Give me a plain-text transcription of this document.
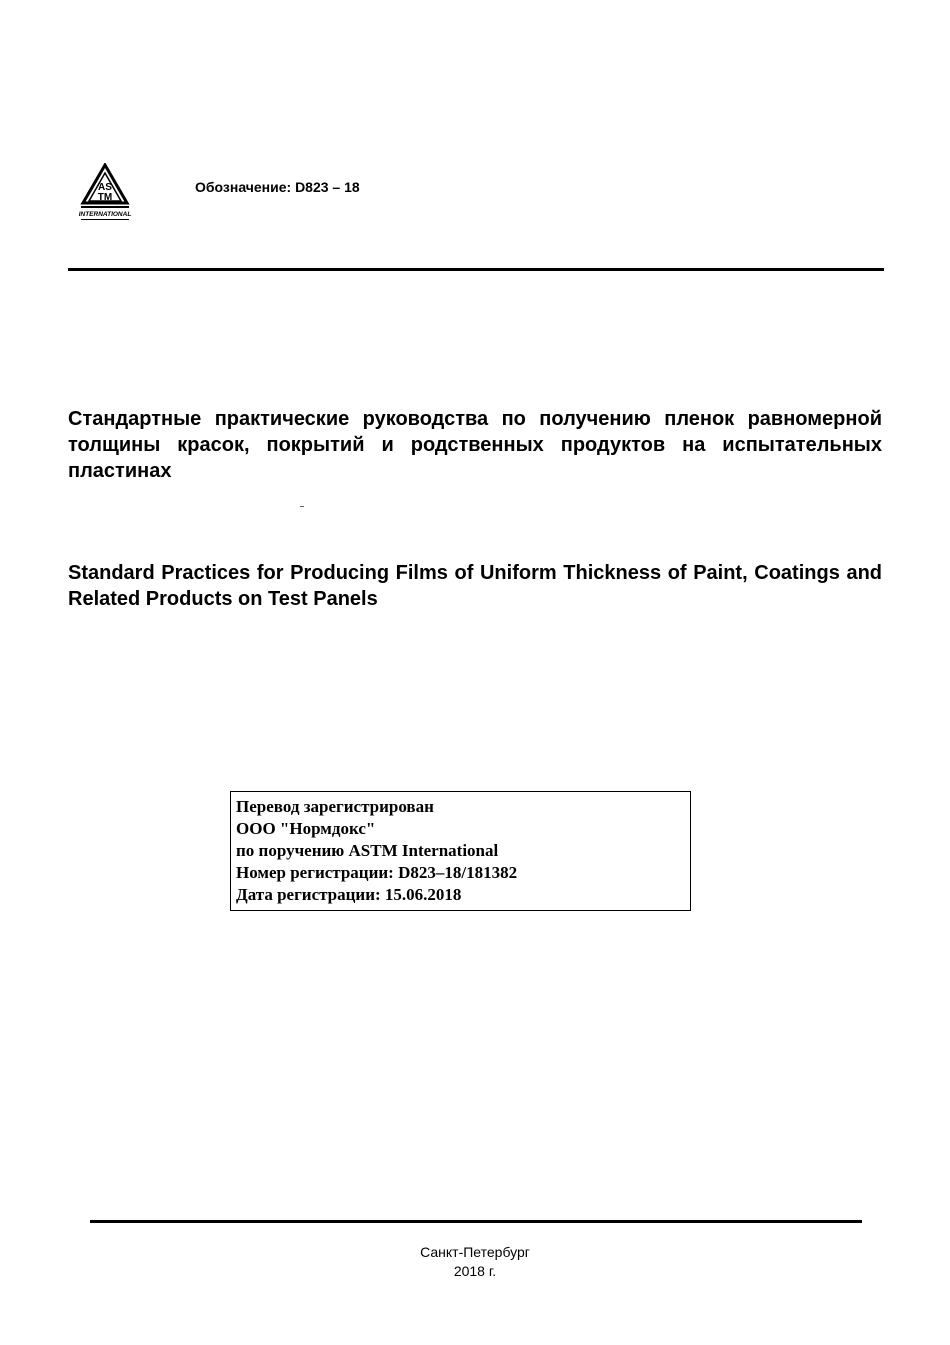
AS
TM
INTERNATIONAL
Обозначение: D823 – 18

Стандартные практические руководства по получению пленок равномерной толщины красок, покрытий и родственных продуктов на испытательных пластинах

Standard Practices for Producing Films of Uniform Thickness of Paint, Coatings and Related Products on Test Panels

Перевод зарегистрирован
ООО "Нормдокс"
по поручению ASTM International
Номер регистрации: D823–18/181382
Дата регистрации: 15.06.2018
Санкт-Петербург
2018 г.
